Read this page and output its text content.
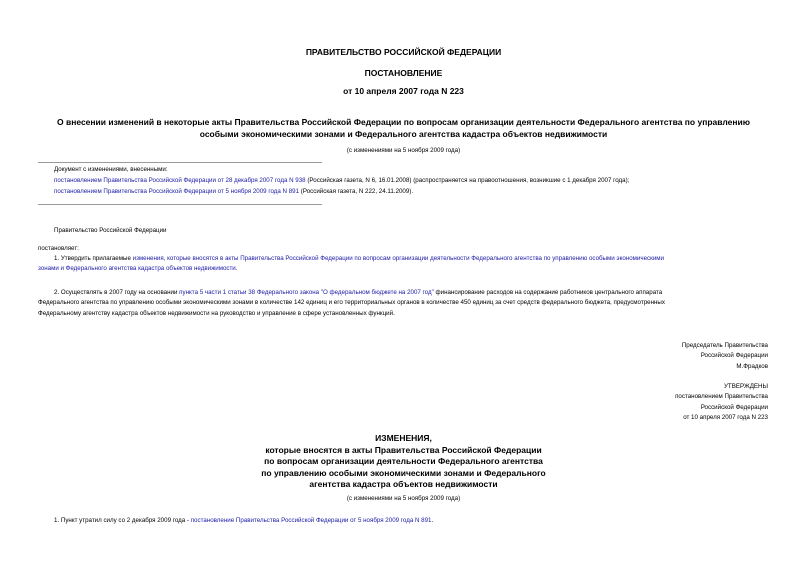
ПРАВИТЕЛЬСТВО РОССИЙСКОЙ ФЕДЕРАЦИИ
ПОСТАНОВЛЕНИЕ
от 10 апреля 2007 года N 223
О внесении изменений в некоторые акты Правительства Российской Федерации по вопросам организации деятельности Федерального агентства по управлению
особыми экономическими зонами и Федерального агентства кадастра объектов недвижимости
(с изменениями на 5 ноября 2009 года)
Документ с изменениями, внесенными:
постановлением Правительства Российской Федерации от 28 декабря 2007 года N 938 (Российская газета, N 6, 16.01.2008) (распространяется на правоотношения, возникшие с 1 декабря 2007 года);
постановлением Правительства Российской Федерации от 5 ноября 2009 года N 891 (Российская газета, N 222, 24.11.2009).
Правительство Российской Федерации
постановляет:
1. Утвердить прилагаемые изменения, которые вносятся в акты Правительства Российской Федерации по вопросам организации деятельности Федерального агентства по управлению особыми экономическими
зонами и Федерального агентства кадастра объектов недвижимости.
2. Осуществлять в 2007 году на основании пункта 5 части 1 статьи 38 Федерального закона "О федеральном бюджете на 2007 год" финансирование расходов на содержание работников центрального аппарата
Федерального агентства по управлению особыми экономическими зонами в количестве 142 единиц и его территориальных органов в количестве 450 единиц за счет средств федерального бюджета, предусмотренных
Федеральному агентству кадастра объектов недвижимости на руководство и управление в сфере установленных функций.
Председатель Правительства
Российской Федерации
М.Фрадков
УТВЕРЖДЕНЫ
постановлением Правительства
Российской Федерации
от 10 апреля 2007 года N 223
ИЗМЕНЕНИЯ,
которые вносятся в акты Правительства Российской Федерации
по вопросам организации деятельности Федерального агентства
по управлению особыми экономическими зонами и Федерального
агентства кадастра объектов недвижимости
(с изменениями на 5 ноября 2009 года)
1. Пункт утратил силу со 2 декабря 2009 года - постановление Правительства Российской Федерации от 5 ноября 2009 года N 891.
